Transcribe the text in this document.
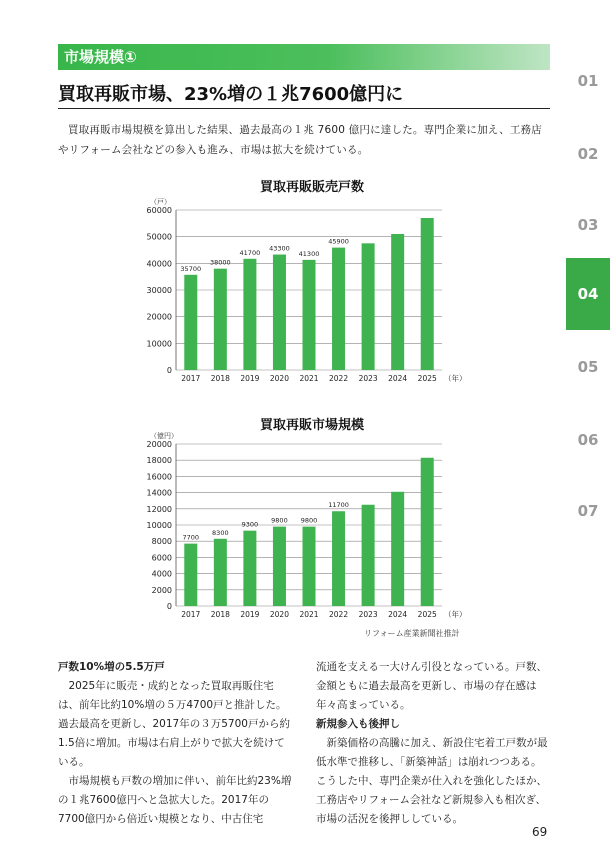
市場規模①
買取再販市場、23%増の１兆7600億円に
買取再販市場規模を算出した結果、過去最高の１兆 7600 億円に達した。専門企業に加え、工務店やリフォーム会社などの参入も進み、市場は拡大を続けている。
01
02
03
04
05
06
07
買取再販販売戸数
（戸）
0
10000
20000
30000
40000
50000
60000
35700
2017
38000
2018
41700
2019
43300
2020
41300
2021
45900
2022 2023 2024 2025 （年）
買取再販市場規模
（億円）
0
2000
4000
6000
8000
10000
12000
14000
16000
18000
20000
7700
2017
8300
2018
9300
2019
9800
2020
9800
2021
11700
2022 2023 2024 2025 （年）
リフォーム産業新聞社推計

戸数10%増の5.5万戸

2025年に販売・成約となった買取再販住宅は、前年比約10%増の５万4700戸と推計した。過去最高を更新し、2017年の３万5700戸から約1.5倍に増加。市場は右肩上がりで拡大を続けている。

市場規模も戸数の増加に伴い、前年比約23%増の１兆7600億円へと急拡大した。2017年の7700億円から倍近い規模となり、中古住宅

流通を支える一大けん引役となっている。戸数、金額ともに過去最高を更新し、市場の存在感は年々高まっている。

新規参入も後押し

新築価格の高騰に加え、新設住宅着工戸数が最低水準で推移し、「新築神話」は崩れつつある。こうした中、専門企業が仕入れを強化したほか、工務店やリフォーム会社など新規参入も相次ぎ、市場の活況を後押ししている。

69
